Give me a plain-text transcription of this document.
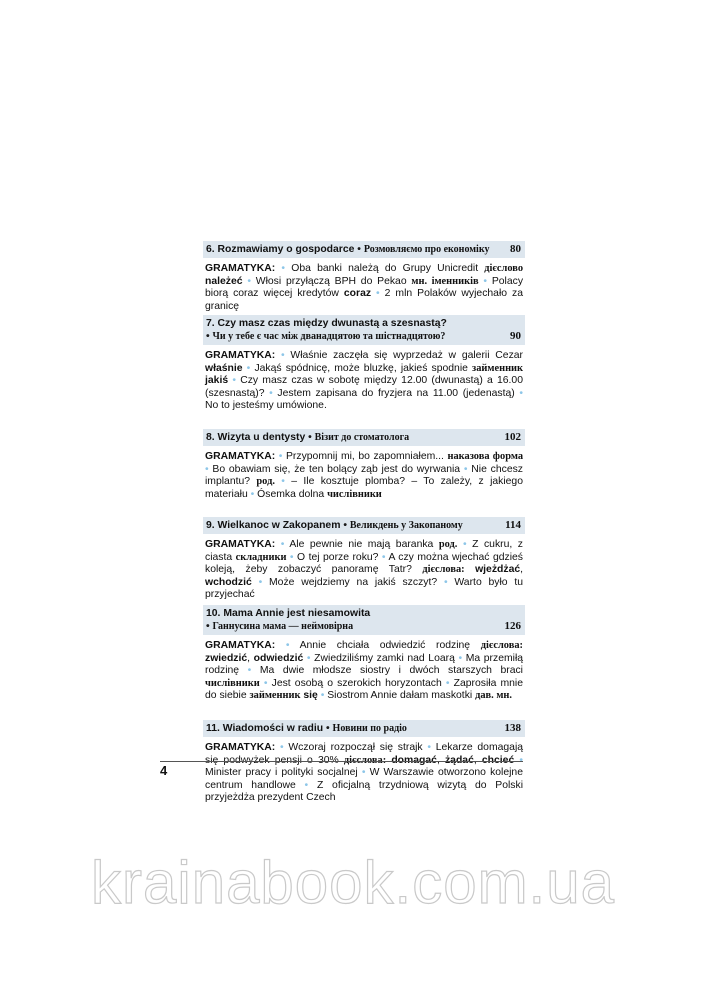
6. Rozmawiamy o gospodarce • Розмовляємо про економіку 80
GRAMATYKA: • Oba banki należą do Grupy Unicredit дієслово należeć • Włosi przyłączą BPH do Pekao мн. іменників • Polacy biorą coraz więcej kredytów coraz • 2 mln Polaków wyjechało za granicę
7. Czy masz czas między dwunastą a szesnastą?
• Чи у тебе є час між дванадцятою та шістнадцятою?	90
GRAMATYKA: • Właśnie zaczęła się wyprzedaż w galerii Cezar właśnie • Jakąś spódnicę, może bluzkę, jakieś spodnie займенник jakiś • Czy masz czas w sobotę między 12.00 (dwunastą) a 16.00 (szesnastą)? • Jestem zapisana do fryzjera na 11.00 (jedenastą) • No to jesteśmy umówione.
8. Wizyta u dentysty • Візит до стоматолога	102
GRAMATYKA: • Przypomnij mi, bo zapomniałem... наказова форма • Bo obawiam się, że ten bolący ząb jest do wyrwania • Nie chcesz implantu? род. • – Ile kosztuje plomba? – To zależy, z jakiego materiału • Ósemka dolna числівники
9. Wielkanoc w Zakopanem • Великдень у Закопаному	114
GRAMATYKA: • Ale pewnie nie mają baranka род. • Z cukru, z ciasta складники • O tej porze roku? • A czy można wjechać gdzieś koleją, żeby zobaczyć panoramę Tatr? дієслова: wjeżdżać, wchodzić • Może wejdziemy na jakiś szczyt? • Warto było tu przyjechać
10. Mama Annie jest niesamowita
• Ганнусина мама — неймовірна	126
GRAMATYKA: • Annie chciała odwiedzić rodzinę дієслова: zwiedzić, odwiedzić • Zwiedziliśmy zamki nad Loarą • Ma przemiłą rodzinę • Ma dwie młodsze siostry i dwóch starszych braci числівники • Jest osobą o szerokich horyzontach • Zaprosiła mnie do siebie займенник się • Siostrom Annie dałam maskotki дав. мн.
11. Wiadomości w radiu • Новини по радіо	138
GRAMATYKA: • Wczoraj rozpoczął się strajk • Lekarze domagają Minister pracy i polityki socjalnej • W Warszawie otworzono kolejne centrum handlowe • Z oficjalną trzydniową wizytą do Polski przyjeżdża prezydent Czech
4
krainabook.com.ua
